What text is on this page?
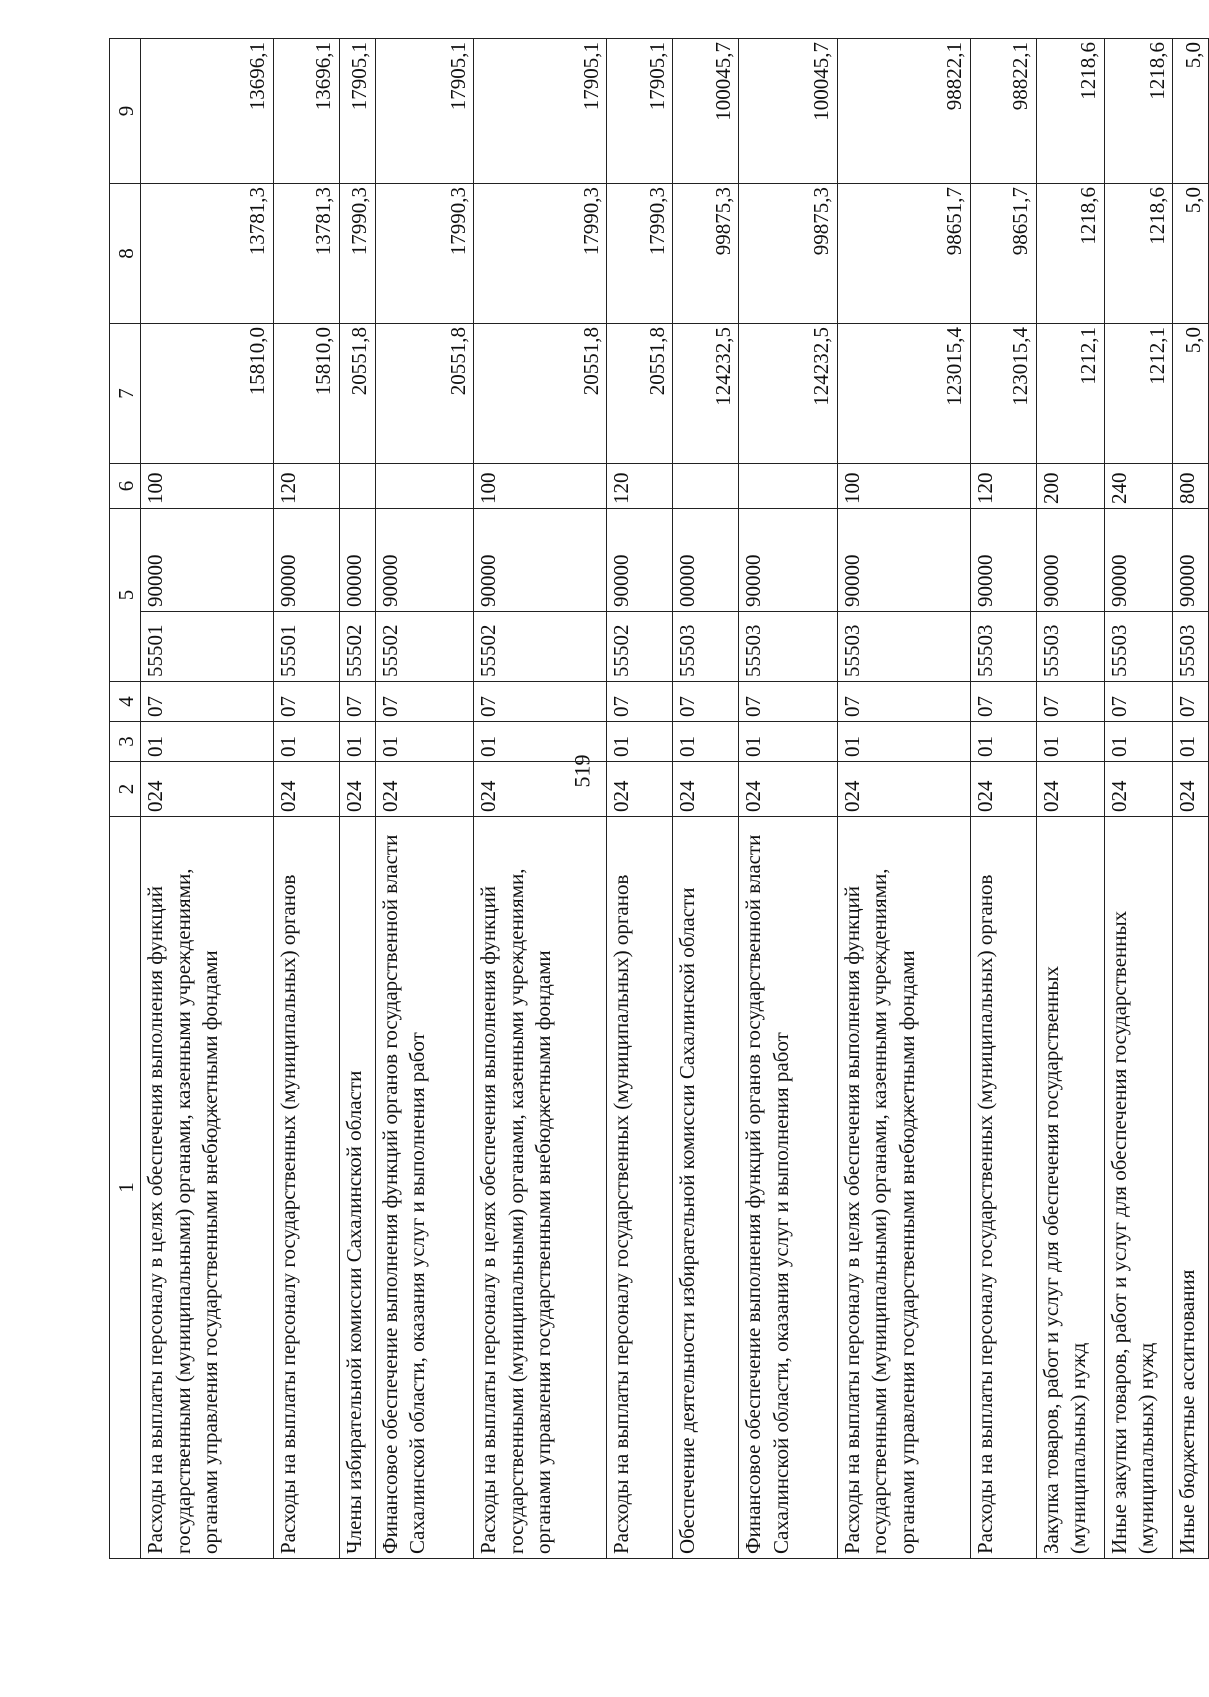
519
1	2	3	4	5		6	7	8	9
Расходы на выплаты персоналу в целях обеспечения выполнения функций государственными (муниципальными) органами, казенными учреждениями, органами управления государственными внебюджетными фондами	024	01	07	55501	90000	100	15810,0	13781,3	13696,1
Расходы на выплаты персоналу государственных (муниципальных) органов	024	01	07	55501	90000	120	15810,0	13781,3	13696,1
Члены избирательной комиссии Сахалинской области	024	01	07	55502	00000		20551,8	17990,3	17905,1
Финансовое обеспечение выполнения функций органов государственной власти Сахалинской области, оказания услуг и выполнения работ	024	01	07	55502	90000		20551,8	17990,3	17905,1
Расходы на выплаты персоналу в целях обеспечения выполнения функций государственными (муниципальными) органами, казенными учреждениями, органами управления государственными внебюджетными фондами	024	01	07	55502	90000	100	20551,8	17990,3	17905,1
Расходы на выплаты персоналу государственных (муниципальных) органов	024	01	07	55502	90000	120	20551,8	17990,3	17905,1
Обеспечение деятельности избирательной комиссии Сахалинской области	024	01	07	55503	00000		124232,5	99875,3	100045,7
Финансовое обеспечение выполнения функций органов государственной власти Сахалинской области, оказания услуг и выполнения работ	024	01	07	55503	90000		124232,5	99875,3	100045,7
Расходы на выплаты персоналу в целях обеспечения выполнения функций государственными (муниципальными) органами, казенными учреждениями, органами управления государственными внебюджетными фондами	024	01	07	55503	90000	100	123015,4	98651,7	98822,1
Расходы на выплаты персоналу государственных (муниципальных) органов	024	01	07	55503	90000	120	123015,4	98651,7	98822,1
Закупка товаров, работ и услуг для обеспечения государственных (муниципальных) нужд	024	01	07	55503	90000	200	1212,1	1218,6	1218,6
Иные закупки товаров, работ и услуг для обеспечения государственных (муниципальных) нужд	024	01	07	55503	90000	240	1212,1	1218,6	1218,6
Иные бюджетные ассигнования	024	01	07	55503	90000	800	5,0	5,0	5,0
